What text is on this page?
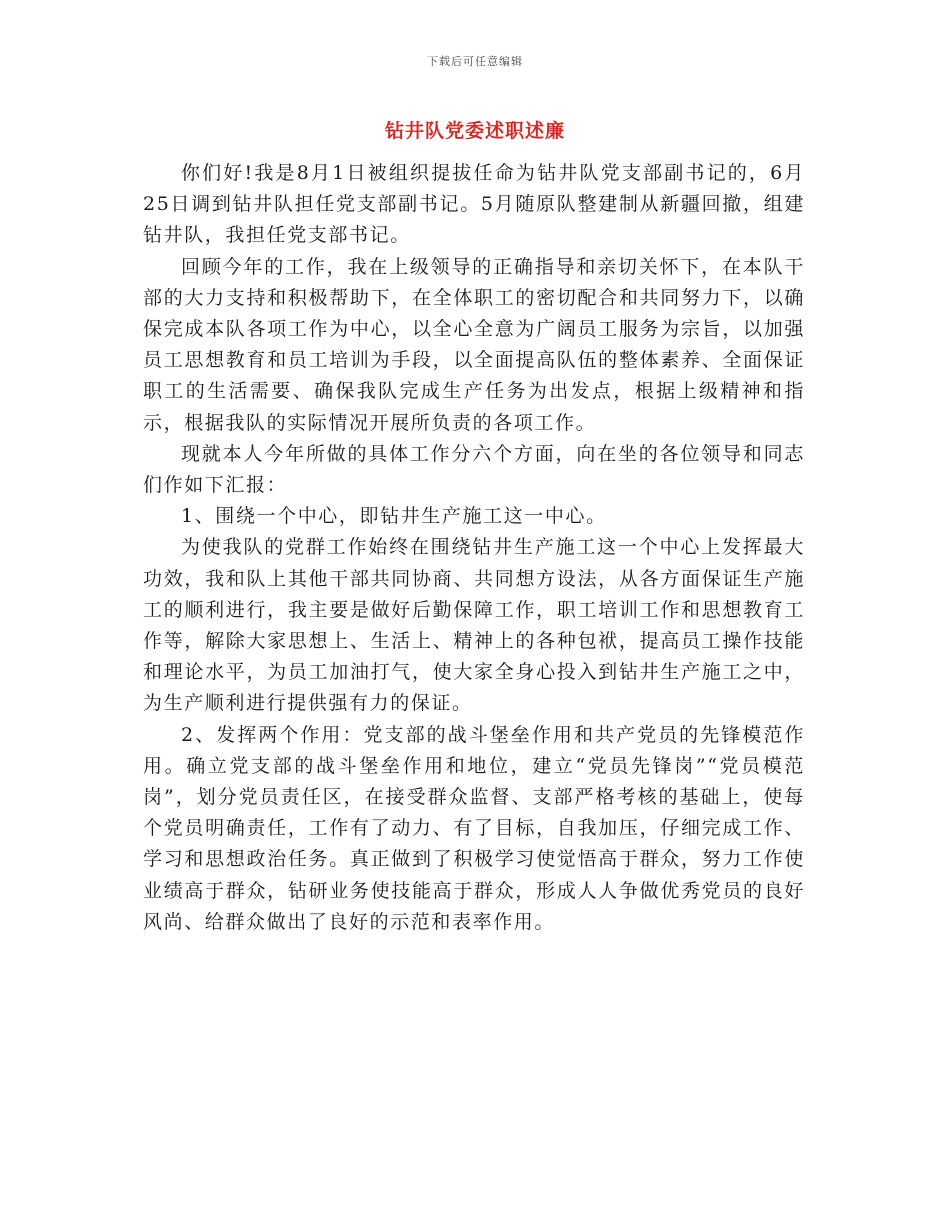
下载后可任意编辑
钻井队党委述职述廉

你们好!我是8月1日被组织提拔任命为钻井队党支部副书记的，6月25日调到钻井队担任党支部副书记。5月随原队整建制从新疆回撤，组建钻井队，我担任党支部书记。

回顾今年的工作，我在上级领导的正确指导和亲切关怀下，在本队干部的大力支持和积极帮助下，在全体职工的密切配合和共同努力下，以确保完成本队各项工作为中心，以全心全意为广阔员工服务为宗旨，以加强员工思想教育和员工培训为手段，以全面提高队伍的整体素养、全面保证职工的生活需要、确保我队完成生产任务为出发点，根据上级精神和指示，根据我队的实际情况开展所负责的各项工作。

现就本人今年所做的具体工作分六个方面，向在坐的各位领导和同志们作如下汇报：

1、围绕一个中心，即钻井生产施工这一中心。

为使我队的党群工作始终在围绕钻井生产施工这一个中心上发挥最大功效，我和队上其他干部共同协商、共同想方设法，从各方面保证生产施工的顺利进行，我主要是做好后勤保障工作，职工培训工作和思想教育工作等，解除大家思想上、生活上、精神上的各种包袱，提高员工操作技能和理论水平，为员工加油打气，使大家全身心投入到钻井生产施工之中，为生产顺利进行提供强有力的保证。

2、发挥两个作用：党支部的战斗堡垒作用和共产党员的先锋模范作用。确立党支部的战斗堡垒作用和地位，建立“党员先锋岗”“党员模范岗”，划分党员责任区，在接受群众监督、支部严格考核的基础上，使每个党员明确责任，工作有了动力、有了目标，自我加压，仔细完成工作、学习和思想政治任务。真正做到了积极学习使觉悟高于群众，努力工作使业绩高于群众，钻研业务使技能高于群众，形成人人争做优秀党员的良好风尚、给群众做出了良好的示范和表率作用。
